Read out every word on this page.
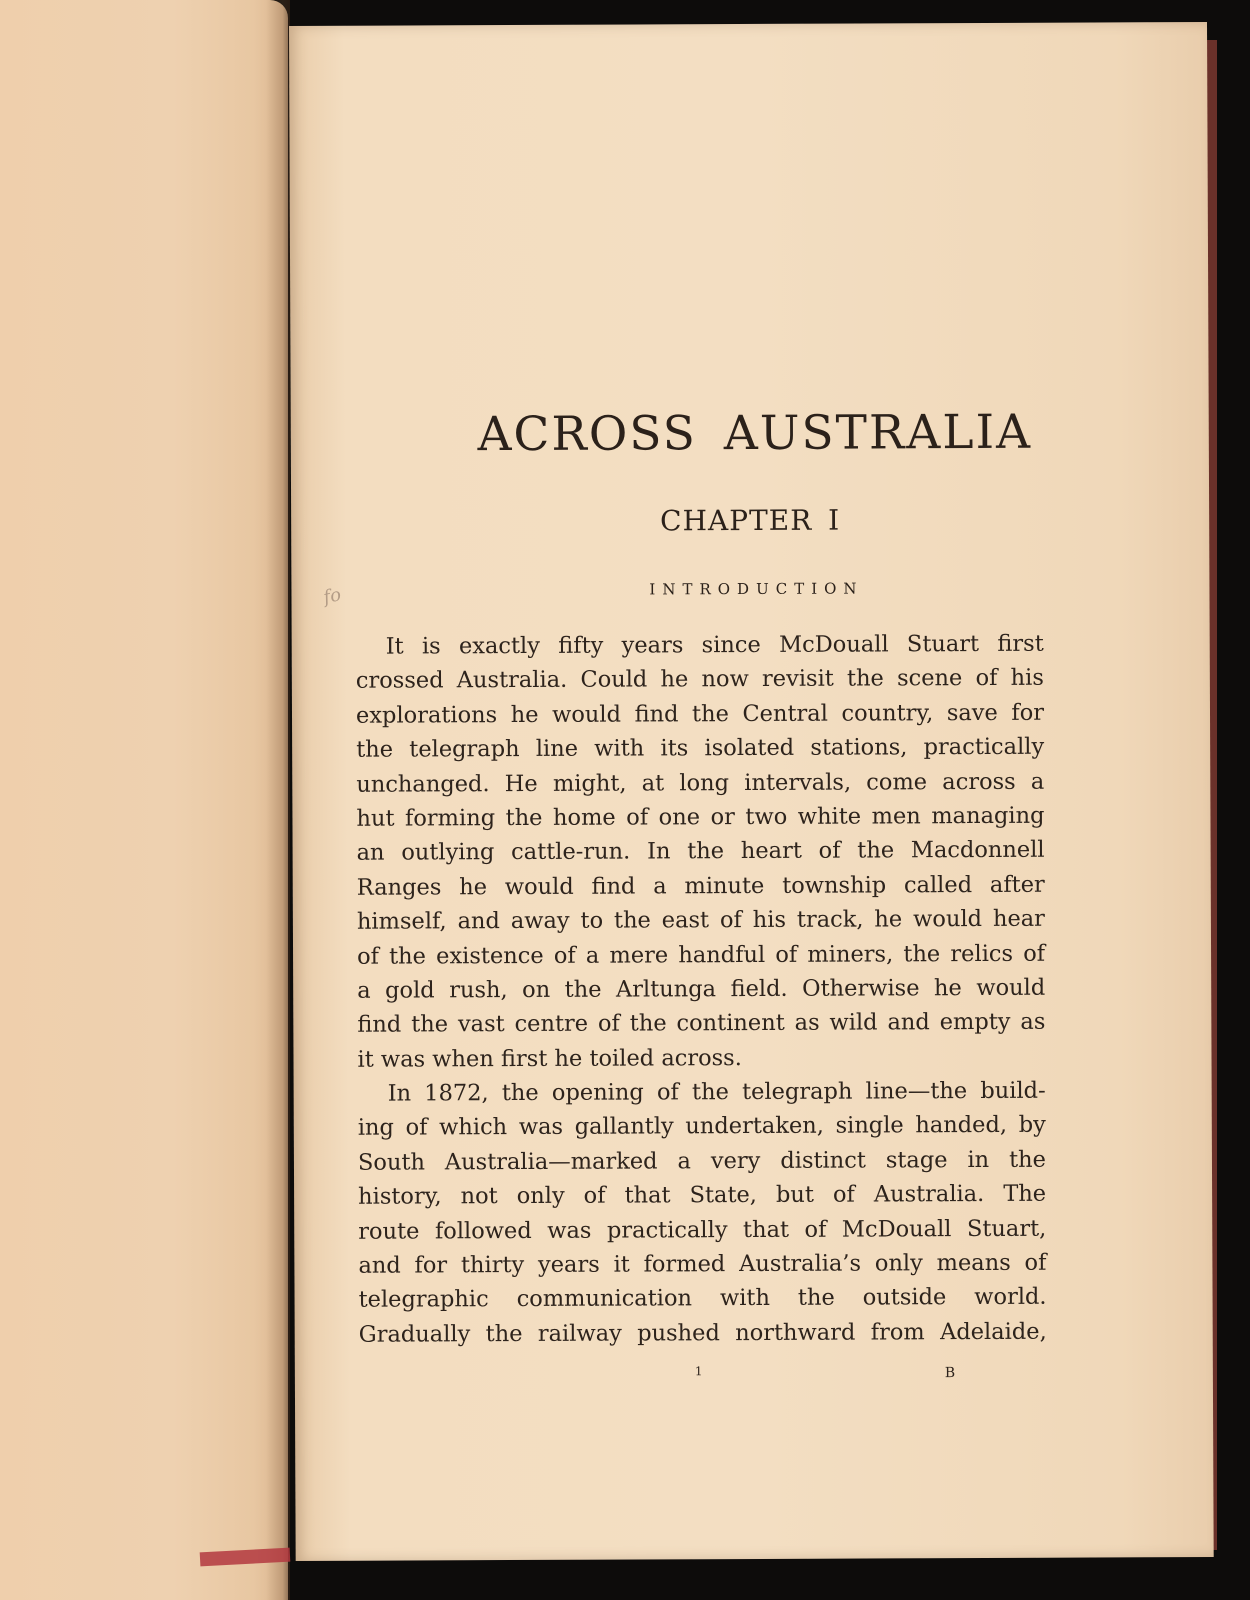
ACROSS AUSTRALIA
CHAPTER I
INTRODUCTION
fo
It is exactly fifty years since McDouall Stuart first
crossed Australia. Could he now revisit the scene of his
explorations he would find the Central country, save for
the telegraph line with its isolated stations, practically
unchanged. He might, at long intervals, come across a
hut forming the home of one or two white men managing
an outlying cattle-run. In the heart of the Macdonnell
Ranges he would find a minute township called after
himself, and away to the east of his track, he would hear
of the existence of a mere handful of miners, the relics of
a gold rush, on the Arltunga field. Otherwise he would
find the vast centre of the continent as wild and empty as
it was when first he toiled across.
In 1872, the opening of the telegraph line—the build-
ing of which was gallantly undertaken, single handed, by
South Australia—marked a very distinct stage in the
history, not only of that State, but of Australia. The
route followed was practically that of McDouall Stuart,
and for thirty years it formed Australia’s only means of
telegraphic communication with the outside world.
Gradually the railway pushed northward from Adelaide,
1	B
